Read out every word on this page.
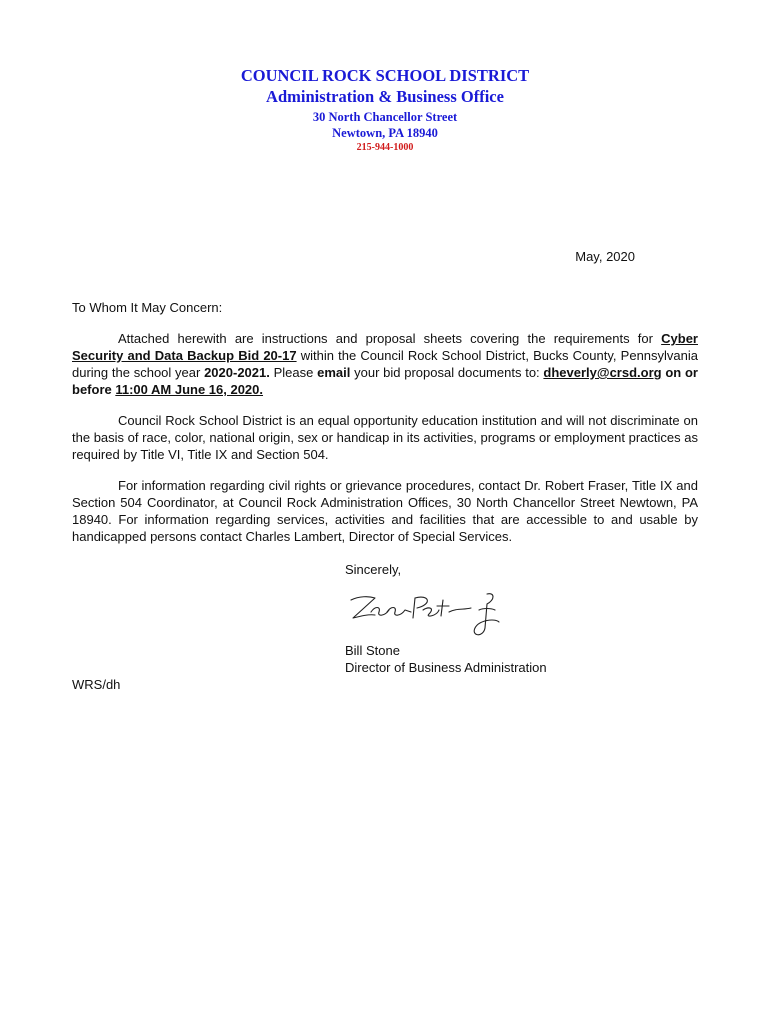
COUNCIL ROCK SCHOOL DISTRICT
Administration & Business Office
30 North Chancellor Street
Newtown, PA 18940
215-944-1000
May, 2020
To Whom It May Concern:

Attached herewith are instructions and proposal sheets covering the requirements for Cyber Security and Data Backup Bid 20-17 within the Council Rock School District, Bucks County, Pennsylvania during the school year 2020-2021. Please email your bid proposal documents to: dheverly@crsd.org on or before 11:00 AM June 16, 2020.

Council Rock School District is an equal opportunity education institution and will not discriminate on the basis of race, color, national origin, sex or handicap in its activities, programs or employment practices as required by Title VI, Title IX and Section 504.

For information regarding civil rights or grievance procedures, contact Dr. Robert Fraser, Title IX and Section 504 Coordinator, at Council Rock Administration Offices, 30 North Chancellor Street Newtown, PA 18940. For information regarding services, activities and facilities that are accessible to and usable by handicapped persons contact Charles Lambert, Director of Special Services.

Sincerely,
Bill Stone
Director of Business Administration
WRS/dh
